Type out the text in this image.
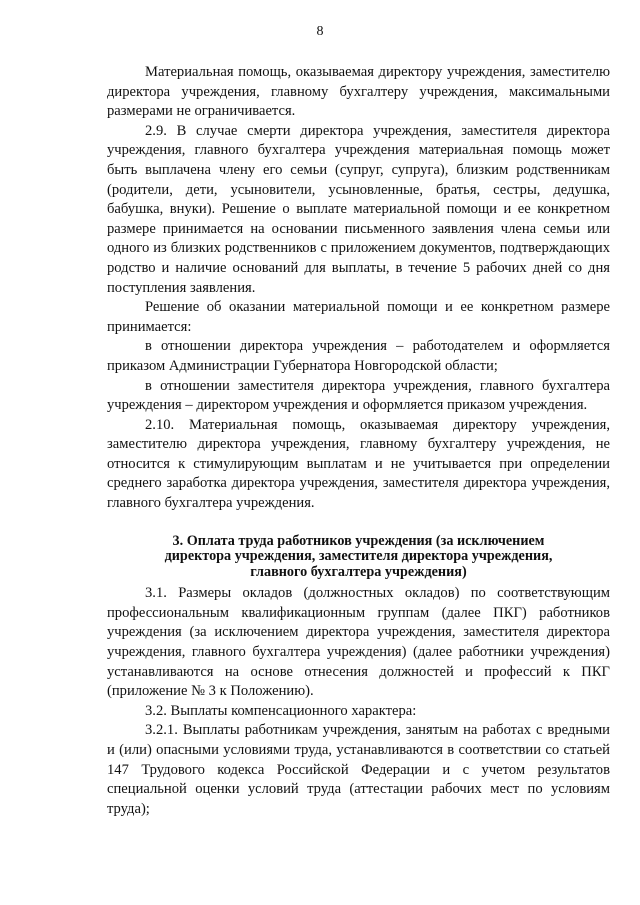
8

Материальная помощь, оказываемая директору учреждения, заместителю директора учреждения, главному бухгалтеру учреждения, максимальными размерами не ограничивается.

2.9. В случае смерти директора учреждения, заместителя директора учреждения, главного бухгалтера учреждения материальная помощь может быть выплачена члену его семьи (супруг, супруга), близким родственникам (родители, дети, усыновители, усыновленные, братья, сестры, дедушка, бабушка, внуки). Решение о выплате материальной помощи и ее конкретном размере принимается на основании письменного заявления члена семьи или одного из близких родственников с приложением документов, подтверждающих родство и наличие оснований для выплаты, в течение 5 рабочих дней со дня поступления заявления.

Решение об оказании материальной помощи и ее конкретном размере принимается:

в отношении директора учреждения – работодателем и оформляется приказом Администрации Губернатора Новгородской области;

в отношении заместителя директора учреждения, главного бухгалтера учреждения – директором учреждения и оформляется приказом учреждения.

2.10. Материальная помощь, оказываемая директору учреждения, заместителю директора учреждения, главному бухгалтеру учреждения, не относится к стимулирующим выплатам и не учитывается при определении среднего заработка директора учреждения, заместителя директора учреждения, главного бухгалтера учреждения.

3. Оплата труда работников учреждения (за исключением
директора учреждения, заместителя директора учреждения,
главного бухгалтера учреждения)

3.1. Размеры окладов (должностных окладов) по соответствующим профессиональным квалификационным группам (далее ПКГ) работников учреждения (за исключением директора учреждения, заместителя директора учреждения, главного бухгалтера учреждения) (далее работники учреждения) устанавливаются на основе отнесения должностей и профессий к ПКГ (приложение № 3 к Положению).

3.2. Выплаты компенсационного характера:

3.2.1. Выплаты работникам учреждения, занятым на работах с вредными и (или) опасными условиями труда, устанавливаются в соответствии со статьей 147 Трудового кодекса Российской Федерации и с учетом результатов специальной оценки условий труда (аттестации рабочих мест по условиям труда);
